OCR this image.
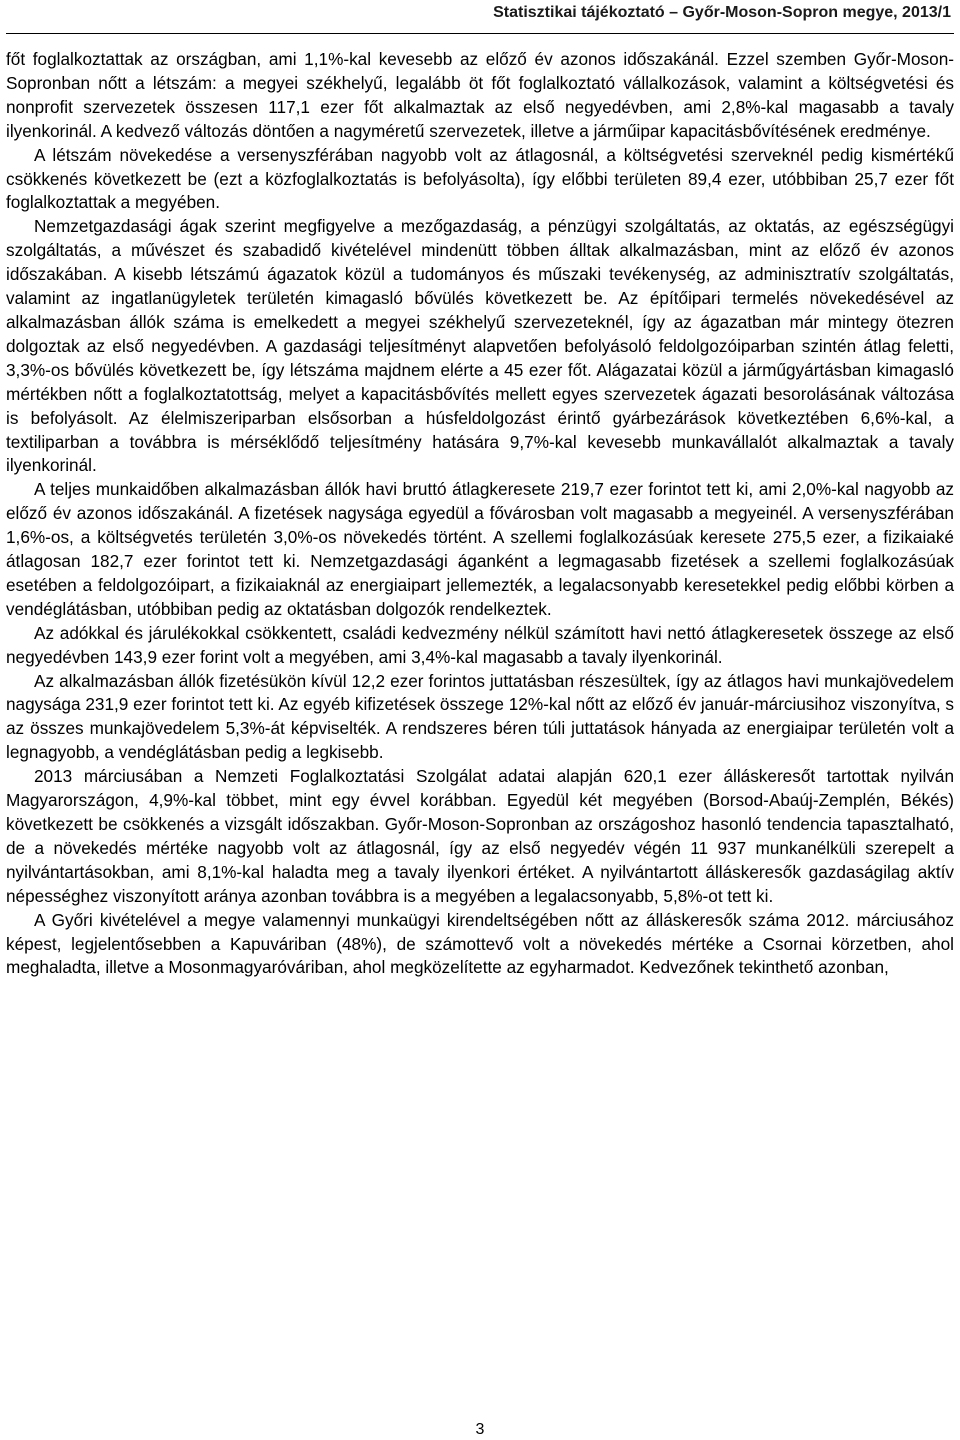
Statisztikai tájékoztató – Győr-Moson-Sopron megye, 2013/1

főt foglalkoztattak az országban, ami 1,1%-kal kevesebb az előző év azonos időszakánál. Ezzel szemben Győr-Moson-Sopronban nőtt a létszám: a megyei székhelyű, legalább öt főt foglalkoztató vállalkozások, valamint a költségvetési és nonprofit szervezetek összesen 117,1 ezer főt alkalmaztak az első negyedévben, ami 2,8%-kal magasabb a tavaly ilyenkorinál. A kedvező változás döntően a nagyméretű szervezetek, illetve a járműipar kapacitásbővítésének eredménye.

A létszám növekedése a versenyszférában nagyobb volt az átlagosnál, a költségvetési szerveknél pedig kismértékű csökkenés következett be (ezt a közfoglalkoztatás is befolyásolta), így előbbi területen 89,4 ezer, utóbbiban 25,7 ezer főt foglalkoztattak a megyében.

Nemzetgazdasági ágak szerint megfigyelve a mezőgazdaság, a pénzügyi szolgáltatás, az oktatás, az egészségügyi szolgáltatás, a művészet és szabadidő kivételével mindenütt többen álltak alkalmazásban, mint az előző év azonos időszakában. A kisebb létszámú ágazatok közül a tudományos és műszaki tevékenység, az adminisztratív szolgáltatás, valamint az ingatlanügyletek területén kimagasló bővülés következett be. Az építőipari termelés növekedésével az alkalmazásban állók száma is emelkedett a megyei székhelyű szervezeteknél, így az ágazatban már mintegy ötezren dolgoztak az első negyedévben. A gazdasági teljesítményt alapvetően befolyásoló feldolgozóiparban szintén átlag feletti, 3,3%-os bővülés következett be, így létszáma majdnem elérte a 45 ezer főt. Alágazatai közül a járműgyártásban kimagasló mértékben nőtt a foglalkoztatottság, melyet a kapacitásbővítés mellett egyes szervezetek ágazati besorolásának változása is befolyásolt. Az élelmiszeriparban elsősorban a húsfeldolgozást érintő gyárbezárások következtében 6,6%-kal, a textiliparban a továbbra is mérséklődő teljesítmény hatására 9,7%-kal kevesebb munkavállalót alkalmaztak a tavaly ilyenkorinál.

A teljes munkaidőben alkalmazásban állók havi bruttó átlagkeresete 219,7 ezer forintot tett ki, ami 2,0%-kal nagyobb az előző év azonos időszakánál. A fizetések nagysága egyedül a fővárosban volt magasabb a megyeinél. A versenyszférában 1,6%-os, a költségvetés területén 3,0%-os növekedés történt. A szellemi foglalkozásúak keresete 275,5 ezer, a fizikaiaké átlagosan 182,7 ezer forintot tett ki. Nemzetgazdasági áganként a legmagasabb fizetések a szellemi foglalkozásúak esetében a feldolgozóipart, a fizikaiaknál az energiaipart jellemezték, a legalacsonyabb keresetekkel pedig előbbi körben a vendéglátásban, utóbbiban pedig az oktatásban dolgozók rendelkeztek.

Az adókkal és járulékokkal csökkentett, családi kedvezmény nélkül számított havi nettó átlagkeresetek összege az első negyedévben 143,9 ezer forint volt a megyében, ami 3,4%-kal magasabb a tavaly ilyenkorinál.

Az alkalmazásban állók fizetésükön kívül 12,2 ezer forintos juttatásban részesültek, így az átlagos havi munkajövedelem nagysága 231,9 ezer forintot tett ki. Az egyéb kifizetések összege 12%-kal nőtt az előző év január-márciusihoz viszonyítva, s az összes munkajövedelem 5,3%-át képviselték. A rendszeres béren túli juttatások hányada az energiaipar területén volt a legnagyobb, a vendéglátásban pedig a legkisebb.

2013 márciusában a Nemzeti Foglalkoztatási Szolgálat adatai alapján 620,1 ezer álláskeresőt tartottak nyilván Magyarországon, 4,9%-kal többet, mint egy évvel korábban. Egyedül két megyében (Borsod-Abaúj-Zemplén, Békés) következett be csökkenés a vizsgált időszakban. Győr-Moson-Sopronban az országoshoz hasonló tendencia tapasztalható, de a növekedés mértéke nagyobb volt az átlagosnál, így az első negyedév végén 11 937 munkanélküli szerepelt a nyilvántartásokban, ami 8,1%-kal haladta meg a tavaly ilyenkori értéket. A nyilvántartott álláskeresők gazdaságilag aktív népességhez viszonyított aránya azonban továbbra is a megyében a legalacsonyabb, 5,8%-ot tett ki.

A Győri kivételével a megye valamennyi munkaügyi kirendeltségében nőtt az álláskeresők száma 2012. márciusához képest, legjelentősebben a Kapuváriban (48%), de számottevő volt a növekedés mértéke a Csornai körzetben, ahol meghaladta, illetve a Mosonmagyaróváriban, ahol megközelítette az egyharmadot. Kedvezőnek tekinthető azonban,

3
